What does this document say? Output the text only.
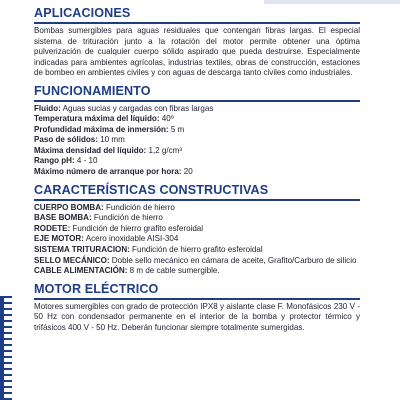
APLICACIONES

Bombas sumergibles para aguas residuales que contengan fibras largas. El especial sistema de trituración junto a la rotación del motor permite obtener una óptima pulverización de cualquier cuerpo sólido aspirado que pueda destruirse. Especialmente indicadas para ambientes agrícolas, industrias textiles, obras de construcción, estaciones de bombeo en ambientes civiles y con aguas de descarga tanto civiles como industriales.

FUNCIONAMIENTO

Fluido: Aguas sucias y cargadas con fibras largas

Temperatura máxima del líquido: 40º

Profundidad máxima de inmersión: 5 m

Paso de sólidos: 10 mm

Máxima densidad del líquido: 1,2 g/cm³

Rango pH: 4 - 10

Máximo número de arranque por hora: 20

CARACTERÍSTICAS CONSTRUCTIVAS

CUERPO BOMBA: Fundición de hierro

BASE BOMBA: Fundición de hierro

RODETE: Fundición de hierro grafito esferoidal

EJE MOTOR: Acero inoxidable AISI-304

SISTEMA TRITURACION: Fundición de hierro grafito esferoidal

SELLO MECÁNICO: Doble sello mecánico en cámara de aceite, Grafito/Carburo de silicio

CABLE ALIMENTACIÓN: 8 m de cable sumergible.

MOTOR ELÉCTRICO

Motores sumergibles con grado de protección IPX8 y aislante clase F. Monofásicos 230 V - 50 Hz con condensador permanente en el interior de la bomba y protector térmico y trifásicos 400 V - 50 Hz. Deberán funcionar siempre totalmente sumergidas.
